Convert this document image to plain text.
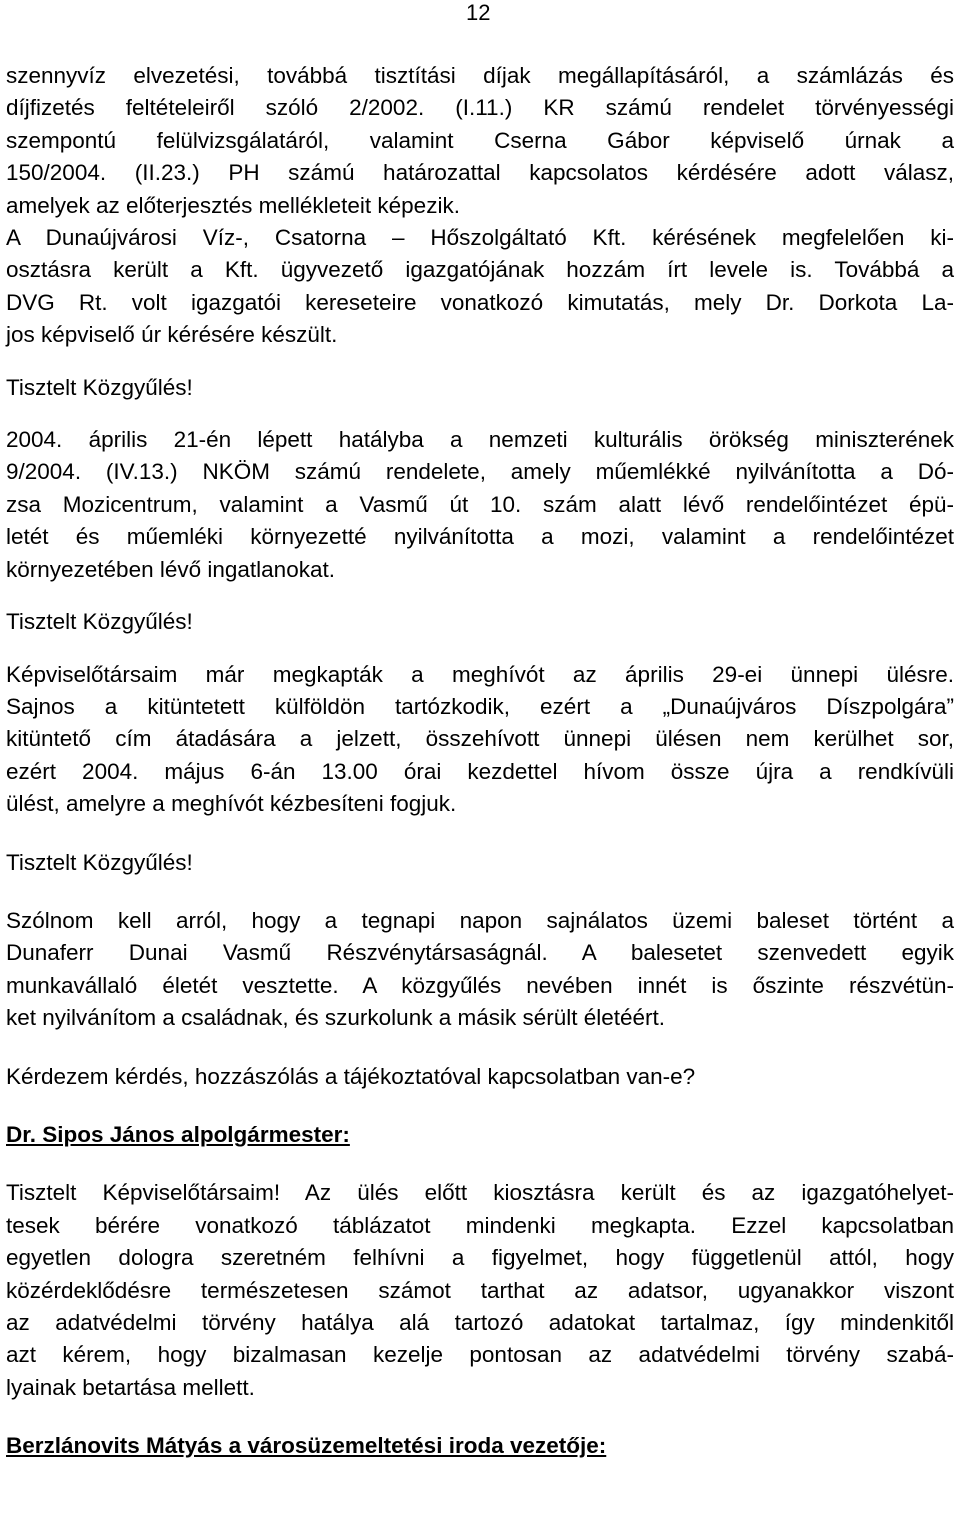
12

szennyvíz elvezetési, továbbá tisztítási díjak megállapításáról, a számlázás és
díjfizetés feltételeiről szóló 2/2002. (I.11.) KR számú rendelet törvényességi
szempontú felülvizsgálatáról, valamint Cserna Gábor képviselő úrnak a
150/2004. (II.23.) PH számú határozattal kapcsolatos kérdésére adott válasz,
amelyek az előterjesztés mellékleteit képezik.

A Dunaújvárosi Víz-, Csatorna – Hőszolgáltató Kft. kérésének megfelelően ki-
osztásra került a Kft. ügyvezető igazgatójának hozzám írt levele is. Továbbá a
DVG Rt. volt igazgatói kereseteire vonatkozó kimutatás, mely Dr. Dorkota La-
jos képviselő úr kérésére készült.

Tisztelt Közgyűlés!

2004. április 21-én lépett hatályba a nemzeti kulturális örökség miniszterének
9/2004. (IV.13.) NKÖM számú rendelete, amely műemlékké nyilvánította a Dó-
zsa Mozicentrum, valamint a Vasmű út 10. szám alatt lévő rendelőintézet épü-
letét és műemléki környezetté nyilvánította a mozi, valamint a rendelőintézet
környezetében lévő ingatlanokat.

Tisztelt Közgyűlés!

Képviselőtársaim már megkapták a meghívót az április 29-ei ünnepi ülésre.
Sajnos a kitüntetett külföldön tartózkodik, ezért a „Dunaújváros Díszpolgára”
kitüntető cím átadására a jelzett, összehívott ünnepi ülésen nem kerülhet sor,
ezért 2004. május 6-án 13.00 órai kezdettel hívom össze újra a rendkívüli
ülést, amelyre a meghívót kézbesíteni fogjuk.

Tisztelt Közgyűlés!

Szólnom kell arról, hogy a tegnapi napon sajnálatos üzemi baleset történt a
Dunaferr Dunai Vasmű Részvénytársaságnál. A balesetet szenvedett egyik
munkavállaló életét vesztette. A közgyűlés nevében innét is őszinte részvétün-
ket nyilvánítom a családnak, és szurkolunk a másik sérült életéért.

Kérdezem kérdés, hozzászólás a tájékoztatóval kapcsolatban van-e?

Dr. Sipos János alpolgármester:

Tisztelt Képviselőtársaim! Az ülés előtt kiosztásra került és az igazgatóhelyet-
tesek bérére vonatkozó táblázatot mindenki megkapta. Ezzel kapcsolatban
egyetlen dologra szeretném felhívni a figyelmet, hogy függetlenül attól, hogy
közérdeklődésre természetesen számot tarthat az adatsor, ugyanakkor viszont
az adatvédelmi törvény hatálya alá tartozó adatokat tartalmaz, így mindenkitől
azt kérem, hogy bizalmasan kezelje pontosan az adatvédelmi törvény szabá-
lyainak betartása mellett.

Berzlánovits Mátyás a városüzemeltetési iroda vezetője:
